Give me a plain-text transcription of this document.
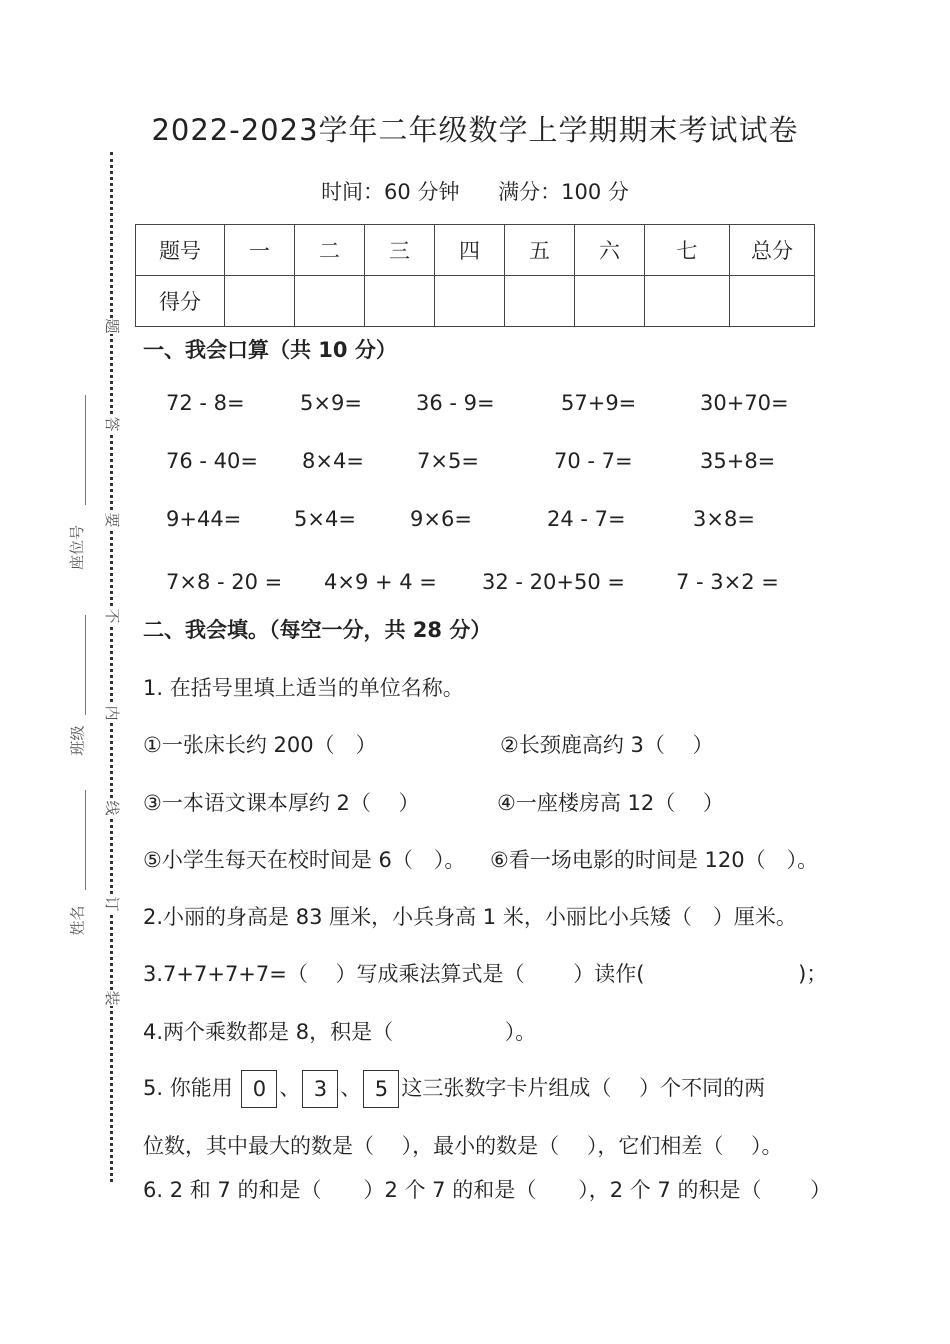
题
答
要
不
内
线
订
装
座位号
班级
姓名
2022-2023学年二年级数学上学期期末考试试卷
时间：60 分钟 满分：100 分
题号	一	二	三	四	五	六	七	总分
得分								
一、我会口算（共 10 分）
72 - 8=	5×9=	36 - 9=	57+9=	30+70=
76 - 40= 8×4=	7×5=	70 - 7=	35+8=
9+44=	5×4=	9×6=	24 - 7=	3×8=
7×8 - 20 = 4×9 + 4 = 32 - 20+50 = 7 - 3×2 =
二、我会填。（每空一分，共 28 分）
1. 在括号里填上适当的单位名称。
①一张床长约 200（　）	②长颈鹿高约 3（　 ）
③一本语文课本厚约 2（　 ）	④一座楼房高 12（　 ）
⑤小学生每天在校时间是 6（　）。 ⑥看一场电影的时间是 120（　）。
2.小丽的身高是 83 厘米，小兵身高 1 米，小丽比小兵矮（　）厘米。
3.7+7+7+7=（　 ）写成乘法算式是（　　 ）读作(　　　　　　　 )；
4.两个乘数都是 8，积是（　　　　　 ）。
5. 你能用 0 、 3 、 5 这三张数字卡片组成（　 ）个不同的两
位数，其中最大的数是（　 ），最小的数是（　 ），它们相差（　 ）。
6. 2 和 7 的和是（　　）2 个 7 的和是（　　），2 个 7 的积是（　　 ）
